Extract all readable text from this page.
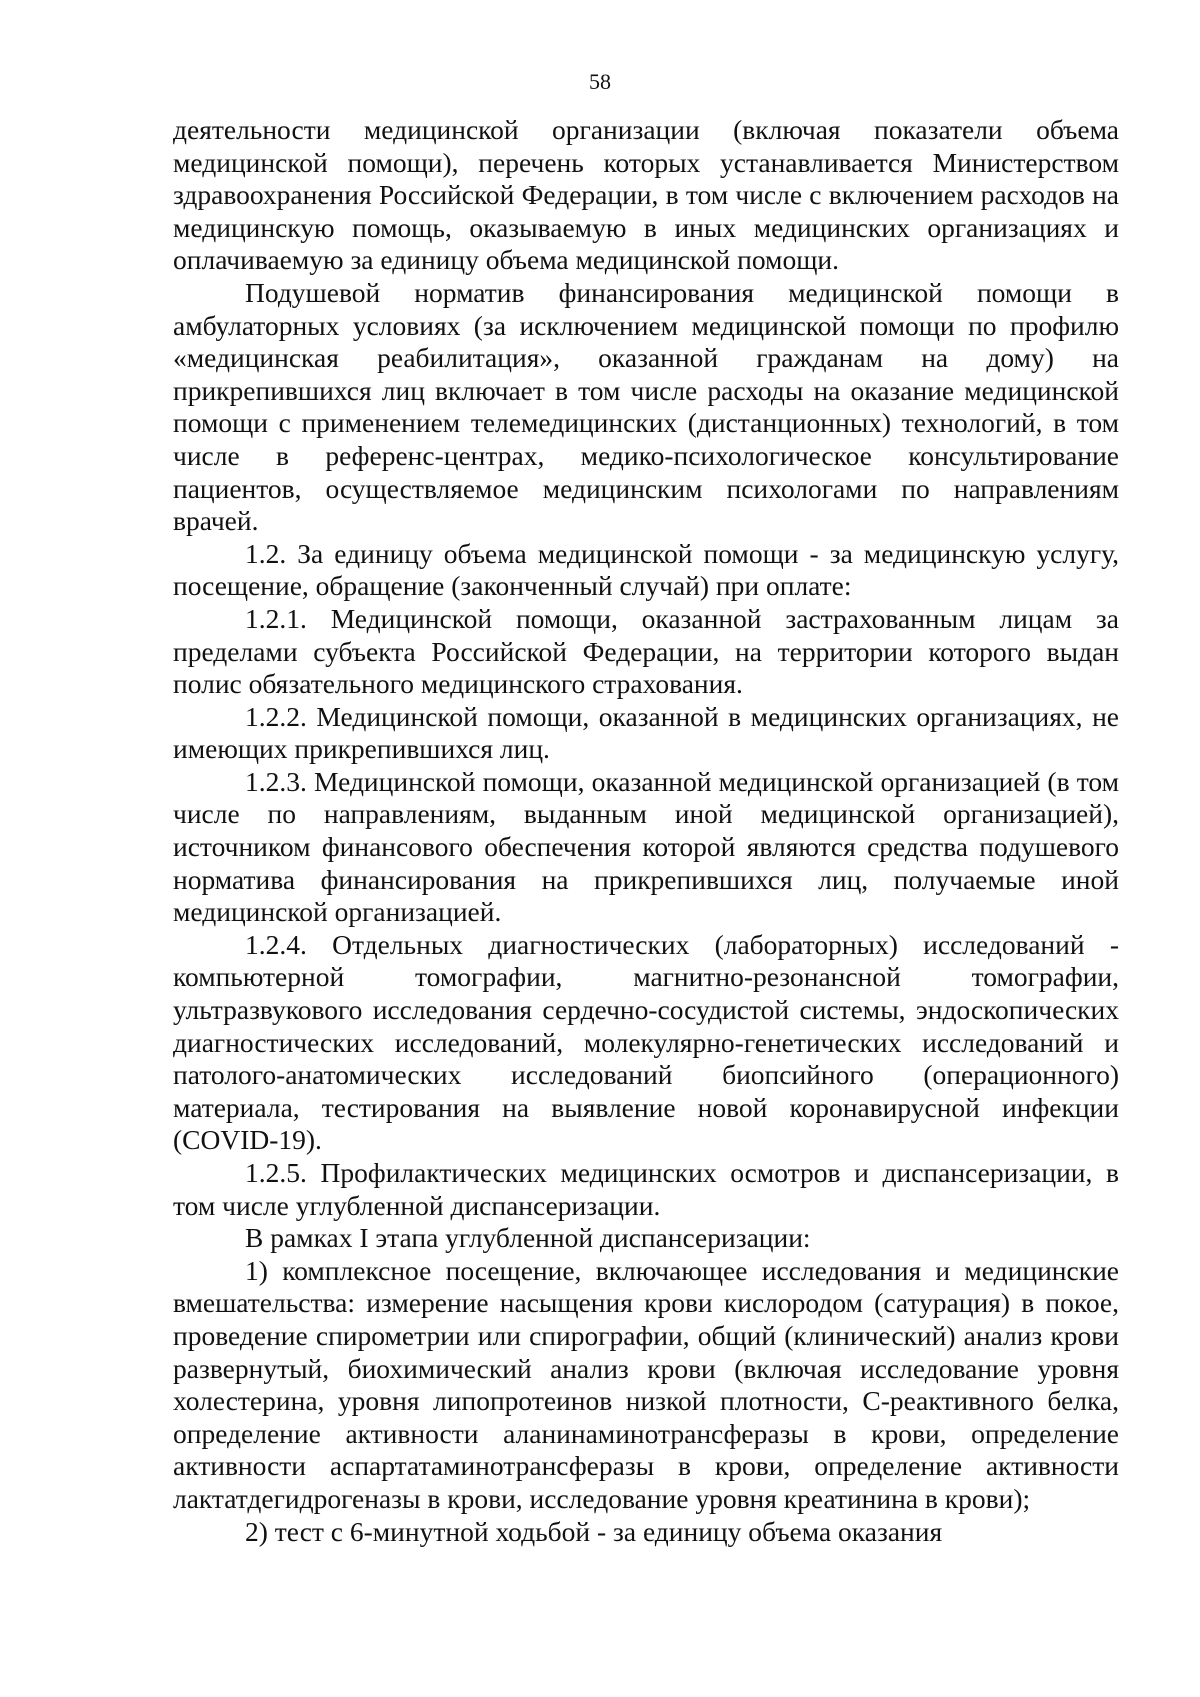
58

деятельности медицинской организации (включая показатели объема медицинской помощи), перечень которых устанавливается Министерством здравоохранения Российской Федерации, в том числе с включением расходов на медицинскую помощь, оказываемую в иных медицинских организациях и оплачиваемую за единицу объема медицинской помощи.

Подушевой норматив финансирования медицинской помощи в амбулаторных условиях (за исключением медицинской помощи по профилю «медицинская реабилитация», оказанной гражданам на дому) на прикрепившихся лиц включает в том числе расходы на оказание медицинской помощи с применением телемедицинских (дистанционных) технологий, в том числе в референс-центрах, медико-психологическое консультирование пациентов, осуществляемое медицинским психологами по направлениям врачей.

1.2. За единицу объема медицинской помощи - за медицинскую услугу, посещение, обращение (законченный случай) при оплате:

1.2.1. Медицинской помощи, оказанной застрахованным лицам за пределами субъекта Российской Федерации, на территории которого выдан полис обязательного медицинского страхования.

1.2.2. Медицинской помощи, оказанной в медицинских организациях, не имеющих прикрепившихся лиц.

1.2.3. Медицинской помощи, оказанной медицинской организацией (в том числе по направлениям, выданным иной медицинской организацией), источником финансового обеспечения которой являются средства подушевого норматива финансирования на прикрепившихся лиц, получаемые иной медицинской организацией.

1.2.4. Отдельных диагностических (лабораторных) исследований - компьютерной томографии, магнитно-резонансной томографии, ультразвукового исследования сердечно-сосудистой системы, эндоскопических диагностических исследований, молекулярно-генетических исследований и патолого-анатомических исследований биопсийного (операционного) материала, тестирования на выявление новой коронавирусной инфекции (COVID-19).

1.2.5. Профилактических медицинских осмотров и диспансеризации, в том числе углубленной диспансеризации.

В рамках I этапа углубленной диспансеризации:

1) комплексное посещение, включающее исследования и медицинские вмешательства: измерение насыщения крови кислородом (сатурация) в покое, проведение спирометрии или спирографии, общий (клинический) анализ крови развернутый, биохимический анализ крови (включая исследование уровня холестерина, уровня липопротеинов низкой плотности, С-реактивного белка, определение активности аланинаминотрансферазы в крови, определение активности аспартатаминотрансферазы в крови, определение активности лактатдегидрогеназы в крови, исследование уровня креатинина в крови);

2) тест с 6-минутной ходьбой - за единицу объема оказания
